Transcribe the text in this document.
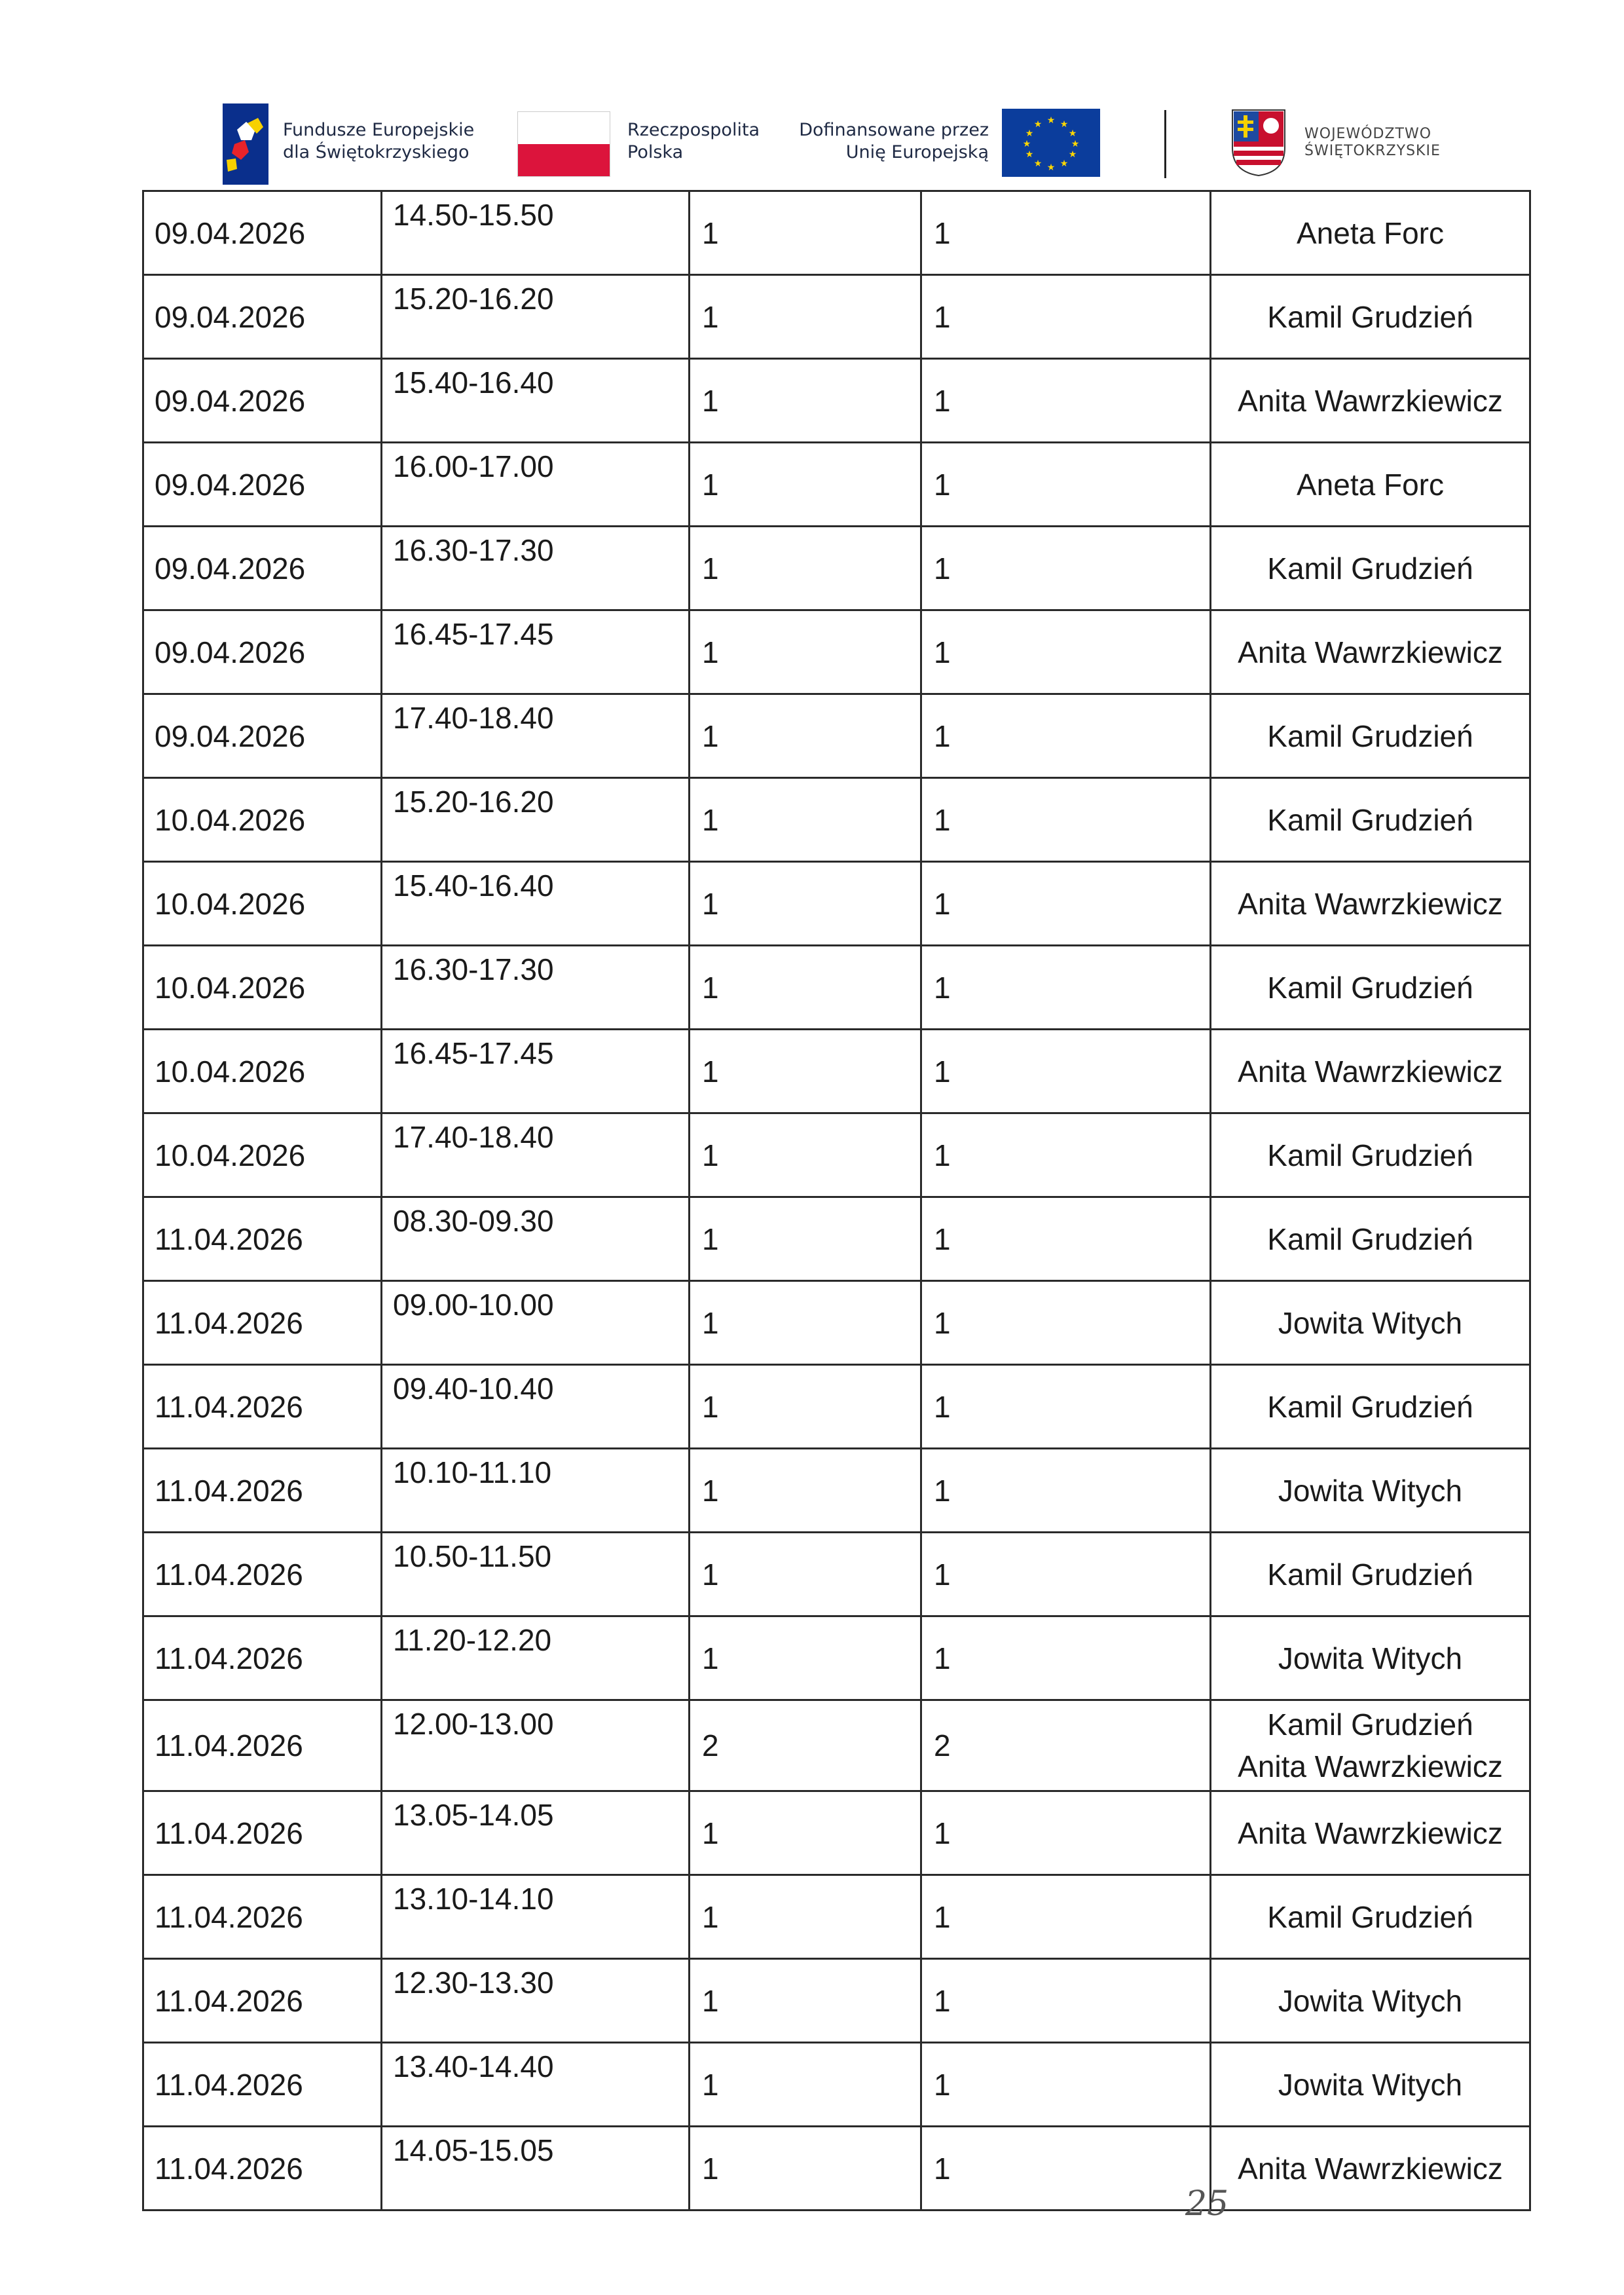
Fundusze Europejskie
dla Świętokrzyskiego
Rzeczpospolita
Polska
Dofinansowane przez
Unię Europejską
★ ★
★
★
★
★
★
★
★
★
★
★
WOJEWÓDZTWO
ŚWIĘTOKRZYSKIE
09.04.2026	14.50-15.50	1	1	Aneta Forc
09.04.2026	15.20-16.20	1	1	Kamil Grudzień
09.04.2026	15.40-16.40	1	1	Anita Wawrzkiewicz
09.04.2026	16.00-17.00	1	1	Aneta Forc
09.04.2026	16.30-17.30	1	1	Kamil Grudzień
09.04.2026	16.45-17.45	1	1	Anita Wawrzkiewicz
09.04.2026	17.40-18.40	1	1	Kamil Grudzień
10.04.2026	15.20-16.20	1	1	Kamil Grudzień
10.04.2026	15.40-16.40	1	1	Anita Wawrzkiewicz
10.04.2026	16.30-17.30	1	1	Kamil Grudzień
10.04.2026	16.45-17.45	1	1	Anita Wawrzkiewicz
10.04.2026	17.40-18.40	1	1	Kamil Grudzień
11.04.2026	08.30-09.30	1	1	Kamil Grudzień
11.04.2026	09.00-10.00	1	1	Jowita Witych
11.04.2026	09.40-10.40	1	1	Kamil Grudzień
11.04.2026	10.10-11.10	1	1	Jowita Witych
11.04.2026	10.50-11.50	1	1	Kamil Grudzień
11.04.2026	11.20-12.20	1	1	Jowita Witych
11.04.2026	12.00-13.00	2	2	Kamil Grudzień
Anita Wawrzkiewicz
11.04.2026	13.05-14.05	1	1	Anita Wawrzkiewicz
11.04.2026	13.10-14.10	1	1	Kamil Grudzień
11.04.2026	12.30-13.30	1	1	Jowita Witych
11.04.2026	13.40-14.40	1	1	Jowita Witych
11.04.2026	14.05-15.05	1	1	Anita Wawrzkiewicz
25
